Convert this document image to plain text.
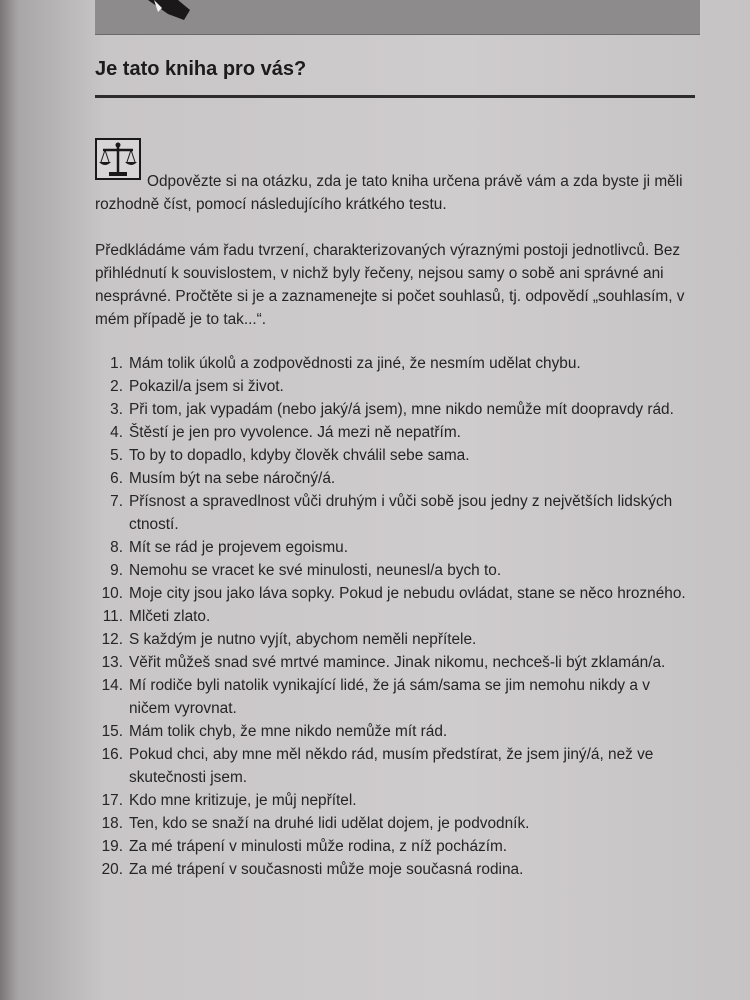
Je tato kniha pro vás?

Odpovězte si na otázku, zda je tato kniha určena právě vám a zda byste ji měli rozhodně číst, pomocí následujícího krátkého testu.

Předkládáme vám řadu tvrzení, charakterizovaných výraznými postoji jednotlivců. Bez přihlédnutí k souvislostem, v nichž byly řečeny, nejsou samy o sobě ani správné ani nesprávné. Pročtěte si je a zaznamenejte si počet souhlasů, tj. odpovědí „souhlasím, v mém případě je to tak...“.

1. Mám tolik úkolů a zodpovědnosti za jiné, že nesmím udělat chybu.
2. Pokazil/a jsem si život.
3. Při tom, jak vypadám (nebo jaký/á jsem), mne nikdo nemůže mít doopravdy rád.
4. Štěstí je jen pro vyvolence. Já mezi ně nepatřím.
5. To by to dopadlo, kdyby člověk chválil sebe sama.
6. Musím být na sebe náročný/á.
7. Přísnost a spravedlnost vůči druhým i vůči sobě jsou jedny z největších lidských ctností.
8. Mít se rád je projevem egoismu.
9. Nemohu se vracet ke své minulosti, neunesl/a bych to.
10. Moje city jsou jako láva sopky. Pokud je nebudu ovládat, stane se něco hrozného.
11. Mlčeti zlato.
12. S každým je nutno vyjít, abychom neměli nepřítele.
13. Věřit můžeš snad své mrtvé mamince. Jinak nikomu, nechceš-li být zklamán/a.
14. Mí rodiče byli natolik vynikající lidé, že já sám/sama se jim nemohu nikdy a v ničem vyrovnat.
15. Mám tolik chyb, že mne nikdo nemůže mít rád.
16. Pokud chci, aby mne měl někdo rád, musím předstírat, že jsem jiný/á, než ve skutečnosti jsem.
17. Kdo mne kritizuje, je můj nepřítel.
18. Ten, kdo se snaží na druhé lidi udělat dojem, je podvodník.
19. Za mé trápení v minulosti může rodina, z níž pocházím.
20. Za mé trápení v současnosti může moje současná rodina.
